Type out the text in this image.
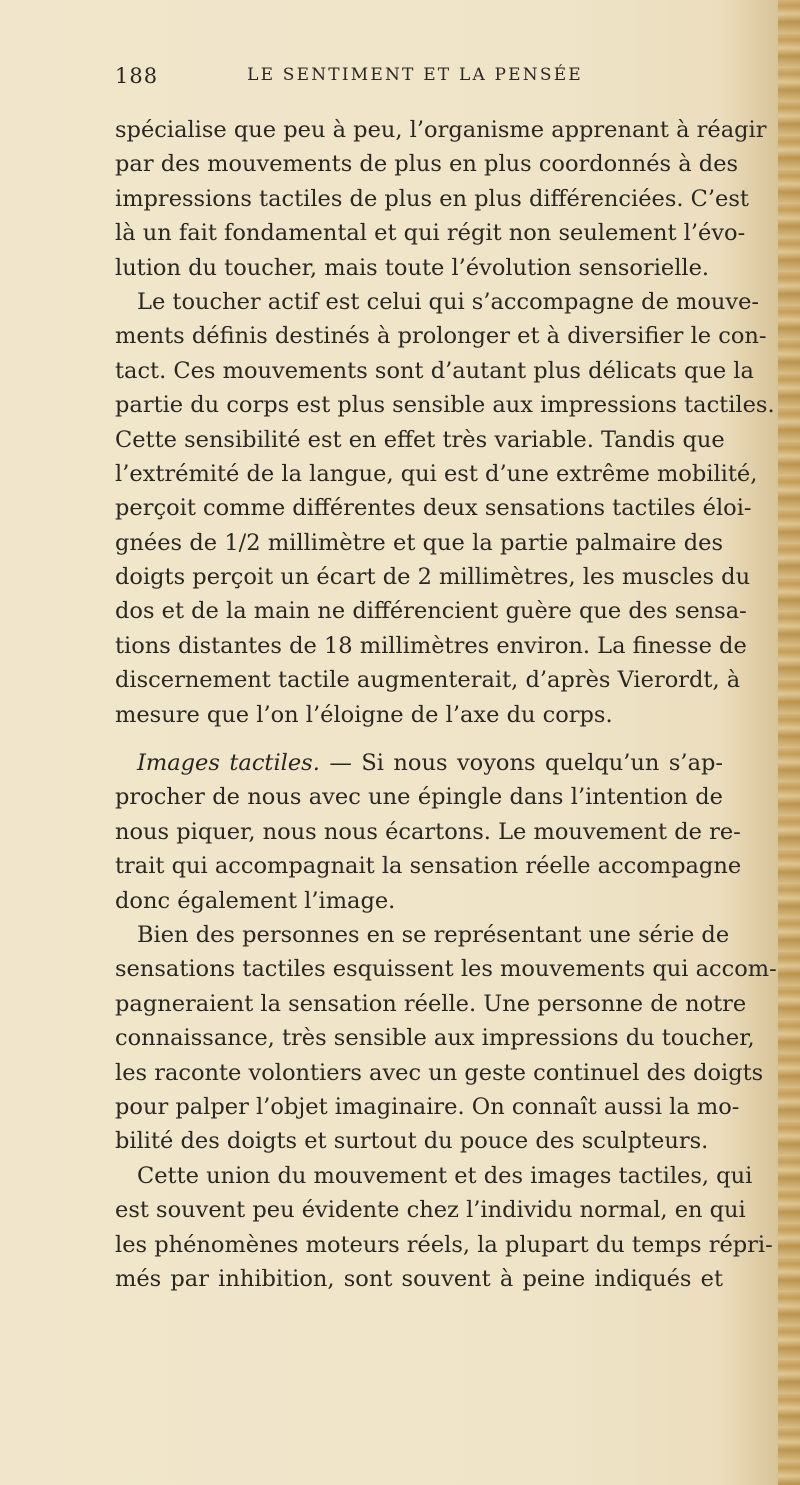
188	LE SENTIMENT ET LA PENSÉE
spécialise que peu à peu, l’organisme apprenant à réagir
par des mouvements de plus en plus coordonnés à des
impressions tactiles de plus en plus différenciées. C’est
là un fait fondamental et qui régit non seulement l’évo-
lution du toucher, mais toute l’évolution sensorielle.
Le toucher actif est celui qui s’accompagne de mouve-
ments définis destinés à prolonger et à diversifier le con-
tact. Ces mouvements sont d’autant plus délicats que la
partie du corps est plus sensible aux impressions tactiles.
Cette sensibilité est en effet très variable. Tandis que
l’extrémité de la langue, qui est d’une extrême mobilité,
perçoit comme différentes deux sensations tactiles éloi-
gnées de 1/2 millimètre et que la partie palmaire des
doigts perçoit un écart de 2 millimètres, les muscles du
dos et de la main ne différencient guère que des sensa-
tions distantes de 18 millimètres environ. La finesse de
discernement tactile augmenterait, d’après Vierordt, à
mesure que l’on l’éloigne de l’axe du corps.
Images tactiles. — Si nous voyons quelqu’un s’ap-
procher de nous avec une épingle dans l’intention de
nous piquer, nous nous écartons. Le mouvement de re-
trait qui accompagnait la sensation réelle accompagne
donc également l’image.
Bien des personnes en se représentant une série de
sensations tactiles esquissent les mouvements qui accom-
pagneraient la sensation réelle. Une personne de notre
connaissance, très sensible aux impressions du toucher,
les raconte volontiers avec un geste continuel des doigts
pour palper l’objet imaginaire. On connaît aussi la mo-
bilité des doigts et surtout du pouce des sculpteurs.
Cette union du mouvement et des images tactiles, qui
est souvent peu évidente chez l’individu normal, en qui
les phénomènes moteurs réels, la plupart du temps répri-
més par inhibition, sont souvent à peine indiqués et
